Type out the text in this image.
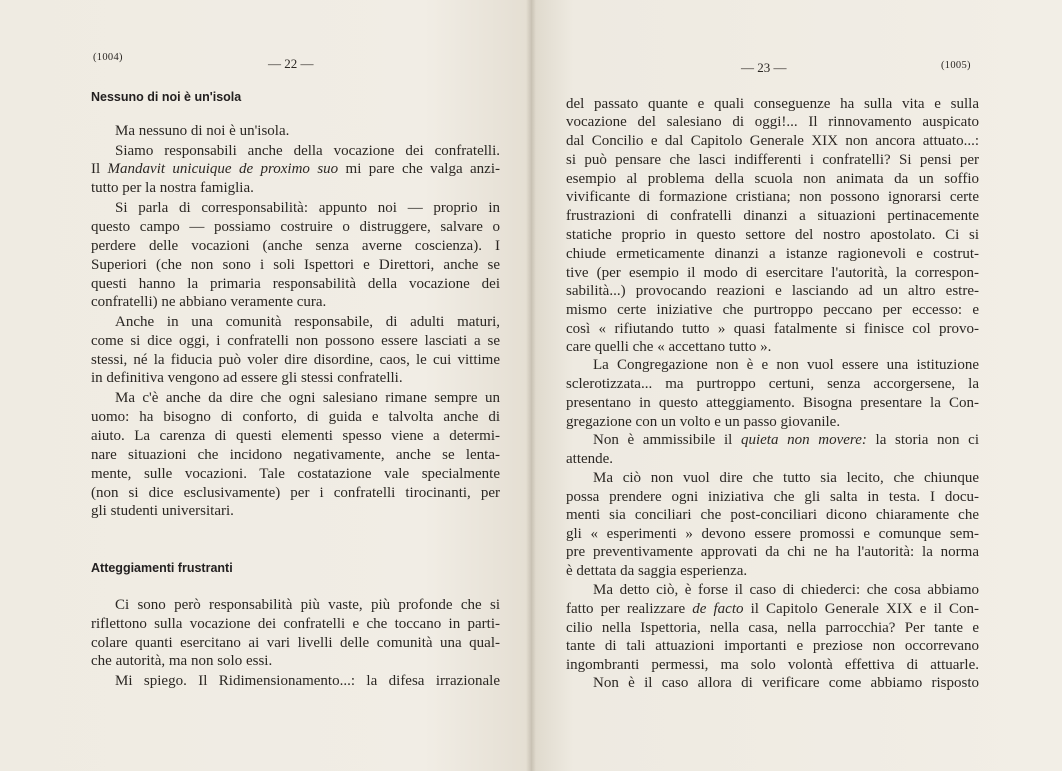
(1004)	— 22 —
Nessuno di noi è un'isola
Ma nessuno di noi è un'isola.
Siamo responsabili anche della vocazione dei confratelli.
Il Mandavit unicuique de proximo suo mi pare che valga anzi-
tutto per la nostra famiglia.
Si parla di corresponsabilità: appunto noi — proprio in
questo campo — possiamo costruire o distruggere, salvare o
perdere delle vocazioni (anche senza averne coscienza). I
Superiori (che non sono i soli Ispettori e Direttori, anche se
questi hanno la primaria responsabilità della vocazione dei
confratelli) ne abbiano veramente cura.
Anche in una comunità responsabile, di adulti maturi,
come si dice oggi, i confratelli non possono essere lasciati a se
stessi, né la fiducia può voler dire disordine, caos, le cui vittime
in definitiva vengono ad essere gli stessi confratelli.
Ma c'è anche da dire che ogni salesiano rimane sempre un
uomo: ha bisogno di conforto, di guida e talvolta anche di
aiuto. La carenza di questi elementi spesso viene a determi-
nare situazioni che incidono negativamente, anche se lenta-
mente, sulle vocazioni. Tale costatazione vale specialmente
(non si dice esclusivamente) per i confratelli tirocinanti, per
gli studenti universitari.
Atteggiamenti frustranti
Ci sono però responsabilità più vaste, più profonde che si
riflettono sulla vocazione dei confratelli e che toccano in parti-
colare quanti esercitano ai vari livelli delle comunità una qual-
che autorità, ma non solo essi.
Mi spiego. Il Ridimensionamento...: la difesa irrazionale
— 23 —	(1005)
del passato quante e quali conseguenze ha sulla vita e sulla
vocazione del salesiano di oggi!... Il rinnovamento auspicato
dal Concilio e dal Capitolo Generale XIX non ancora attuato...:
si può pensare che lasci indifferenti i confratelli? Si pensi per
esempio al problema della scuola non animata da un soffio
vivificante di formazione cristiana; non possono ignorarsi certe
frustrazioni di confratelli dinanzi a situazioni pertinacemente
statiche proprio in questo settore del nostro apostolato. Ci si
chiude ermeticamente dinanzi a istanze ragionevoli e costrut-
tive (per esempio il modo di esercitare l'autorità, la correspon-
sabilità...) provocando reazioni e lasciando ad un altro estre-
mismo certe iniziative che purtroppo peccano per eccesso: e
così « rifiutando tutto » quasi fatalmente si finisce col provo-
care quelli che « accettano tutto ».
La Congregazione non è e non vuol essere una istituzione
sclerotizzata... ma purtroppo certuni, senza accorgersene, la
presentano in questo atteggiamento. Bisogna presentare la Con-
gregazione con un volto e un passo giovanile.
Non è ammissibile il quieta non movere: la storia non ci
attende.
Ma ciò non vuol dire che tutto sia lecito, che chiunque
possa prendere ogni iniziativa che gli salta in testa. I docu-
menti sia conciliari che post-conciliari dicono chiaramente che
gli « esperimenti » devono essere promossi e comunque sem-
pre preventivamente approvati da chi ne ha l'autorità: la norma
è dettata da saggia esperienza.
Ma detto ciò, è forse il caso di chiederci: che cosa abbiamo
fatto per realizzare de facto il Capitolo Generale XIX e il Con-
cilio nella Ispettoria, nella casa, nella parrocchia? Per tante e
tante di tali attuazioni importanti e preziose non occorrevano
ingombranti permessi, ma solo volontà effettiva di attuarle.
Non è il caso allora di verificare come abbiamo risposto
